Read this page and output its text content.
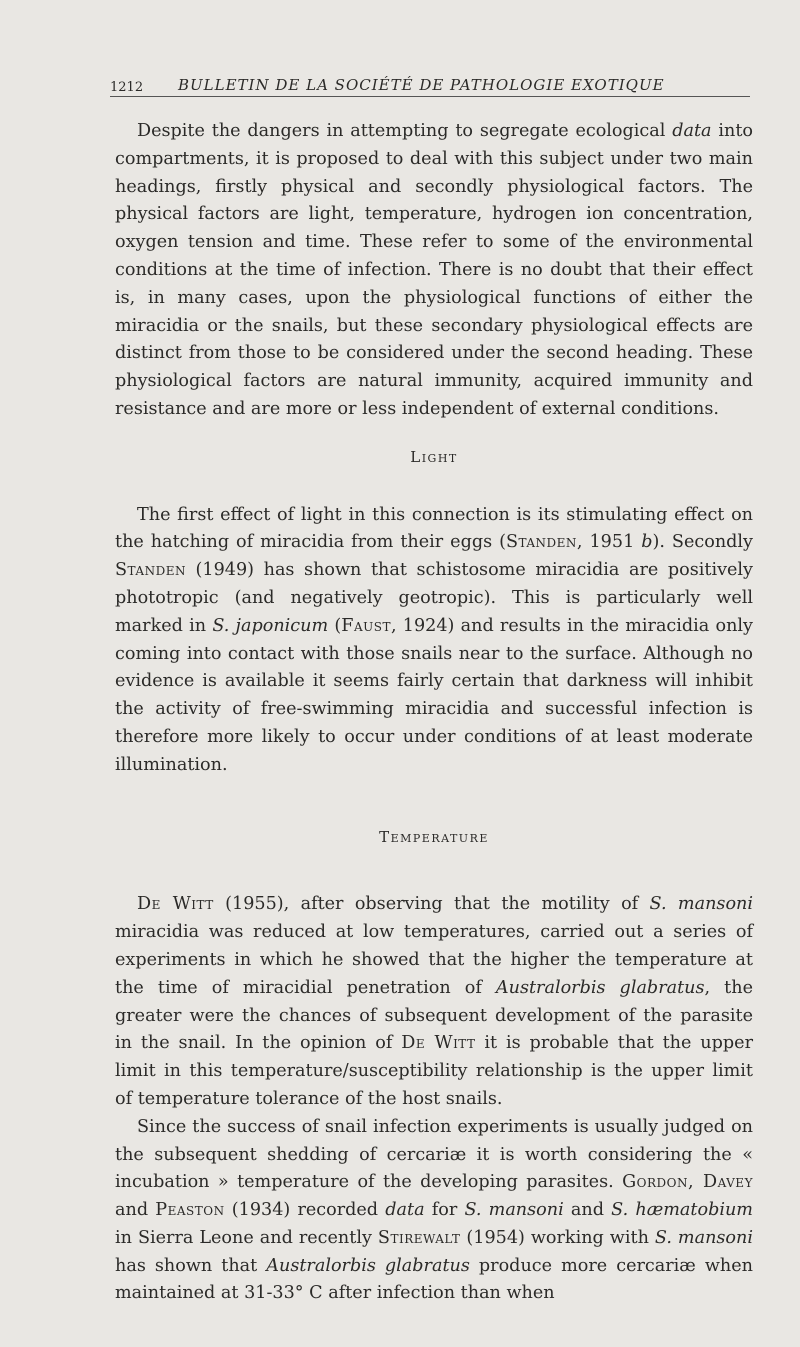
1212 BULLETIN DE LA SOCIÉTÉ DE PATHOLOGIE EXOTIQUE

Despite the dangers in attempting to segregate ecological data into compartments, it is proposed to deal with this subject under two main headings, firstly physical and secondly physiological factors. The physical factors are light, temperature, hydrogen ion concentration, oxygen tension and time. These refer to some of the environmental conditions at the time of infection. There is no doubt that their effect is, in many cases, upon the physiological functions of either the miracidia or the snails, but these secondary physiological effects are distinct from those to be considered under the second heading. These physiological factors are natural immunity, acquired immunity and resistance and are more or less independent of external conditions.

Light

The first effect of light in this connection is its stimulating effect on the hatching of miracidia from their eggs (Standen, 1951 b). Secondly Standen (1949) has shown that schistosome miracidia are positively phototropic (and negatively geotropic). This is particularly well marked in S. japonicum (Faust, 1924) and results in the miracidia only coming into contact with those snails near to the surface. Although no evidence is available it seems fairly certain that darkness will inhibit the activity of free-swimming miracidia and successful infection is therefore more likely to occur under conditions of at least moderate illumination.

Temperature

De Witt (1955), after observing that the motility of S. mansoni miracidia was reduced at low temperatures, carried out a series of experiments in which he showed that the higher the temperature at the time of miracidial penetration of Australorbis glabratus, the greater were the chances of subsequent development of the parasite in the snail. In the opinion of De Witt it is probable that the upper limit in this temperature/susceptibility relationship is the upper limit of temperature tolerance of the host snails.

Since the success of snail infection experiments is usually judged on the subsequent shedding of cercariæ it is worth considering the « incubation » temperature of the developing parasites. Gordon, Davey and Peaston (1934) recorded data for S. mansoni and S. hæmatobium in Sierra Leone and recently Stirewalt (1954) working with S. mansoni has shown that Australorbis glabratus produce more cercariæ when maintained at 31-33° C after infection than when
